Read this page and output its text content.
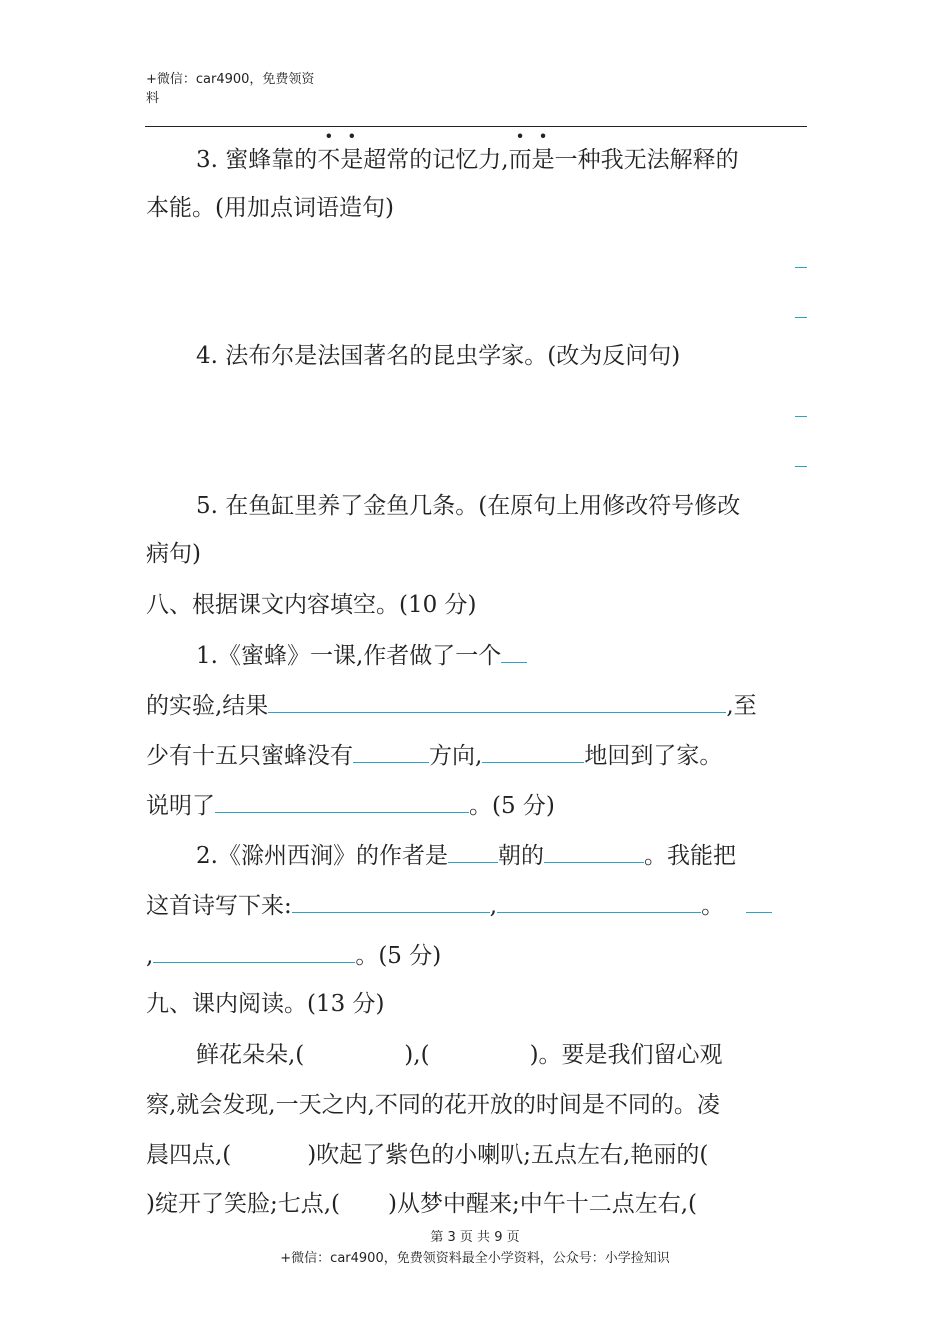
+微信：car4900，免费领资
料
3. 蜜蜂靠的不是超常的记忆力,而是一种我无法解释的
本能。(用加点词语造句)
4. 法布尔是法国著名的昆虫学家。(改为反问句)
5. 在鱼缸里养了金鱼几条。(在原句上用修改符号修改
病句)
八、根据课文内容填空。(10 分)
1.《蜜蜂》一课,作者做了一个
的实验,结果	,至
少有十五只蜜蜂没有	方向,	地回到了家。
说明了	。(5 分)
2.《滁州西涧》的作者是 朝的	。我能把
这首诗写下来:	,	。
,	。(5 分)
九、课内阅读。(13 分)
鲜花朵朵,(	),(	)。要是我们留心观
察,就会发现,一天之内,不同的花开放的时间是不同的。凌
晨四点,(	)吹起了紫色的小喇叭;五点左右,艳丽的(
)绽开了笑脸;七点,( )从梦中醒来;中午十二点左右,(
第 3 页 共 9 页
+微信：car4900，免费领资料最全小学资料，公众号：小学捡知识
